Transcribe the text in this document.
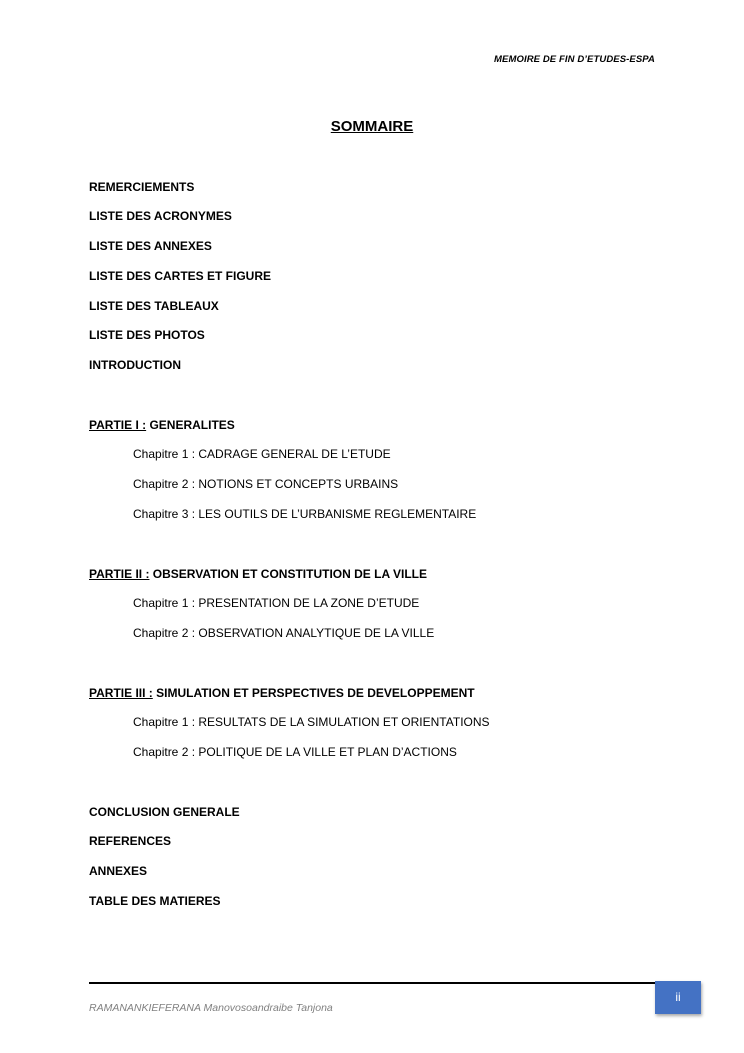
MEMOIRE DE FIN D’ETUDES-ESPA
SOMMAIRE
REMERCIEMENTS
LISTE DES ACRONYMES
LISTE DES ANNEXES
LISTE DES CARTES ET FIGURE
LISTE DES TABLEAUX
LISTE DES PHOTOS
INTRODUCTION
PARTIE I : GENERALITES
Chapitre 1 : CADRAGE GENERAL DE L’ETUDE
Chapitre 2 : NOTIONS ET CONCEPTS URBAINS
Chapitre 3 : LES OUTILS DE L’URBANISME REGLEMENTAIRE
PARTIE II : OBSERVATION ET CONSTITUTION DE LA VILLE
Chapitre 1 : PRESENTATION DE LA ZONE D’ETUDE
Chapitre 2 : OBSERVATION ANALYTIQUE DE LA VILLE
PARTIE III : SIMULATION ET PERSPECTIVES DE DEVELOPPEMENT
Chapitre 1 : RESULTATS DE LA SIMULATION ET ORIENTATIONS
Chapitre 2 : POLITIQUE DE LA VILLE ET PLAN D’ACTIONS
CONCLUSION GENERALE
REFERENCES
ANNEXES
TABLE DES MATIERES
ii
RAMANANKIEFERANA Manovosoandraibe Tanjona
